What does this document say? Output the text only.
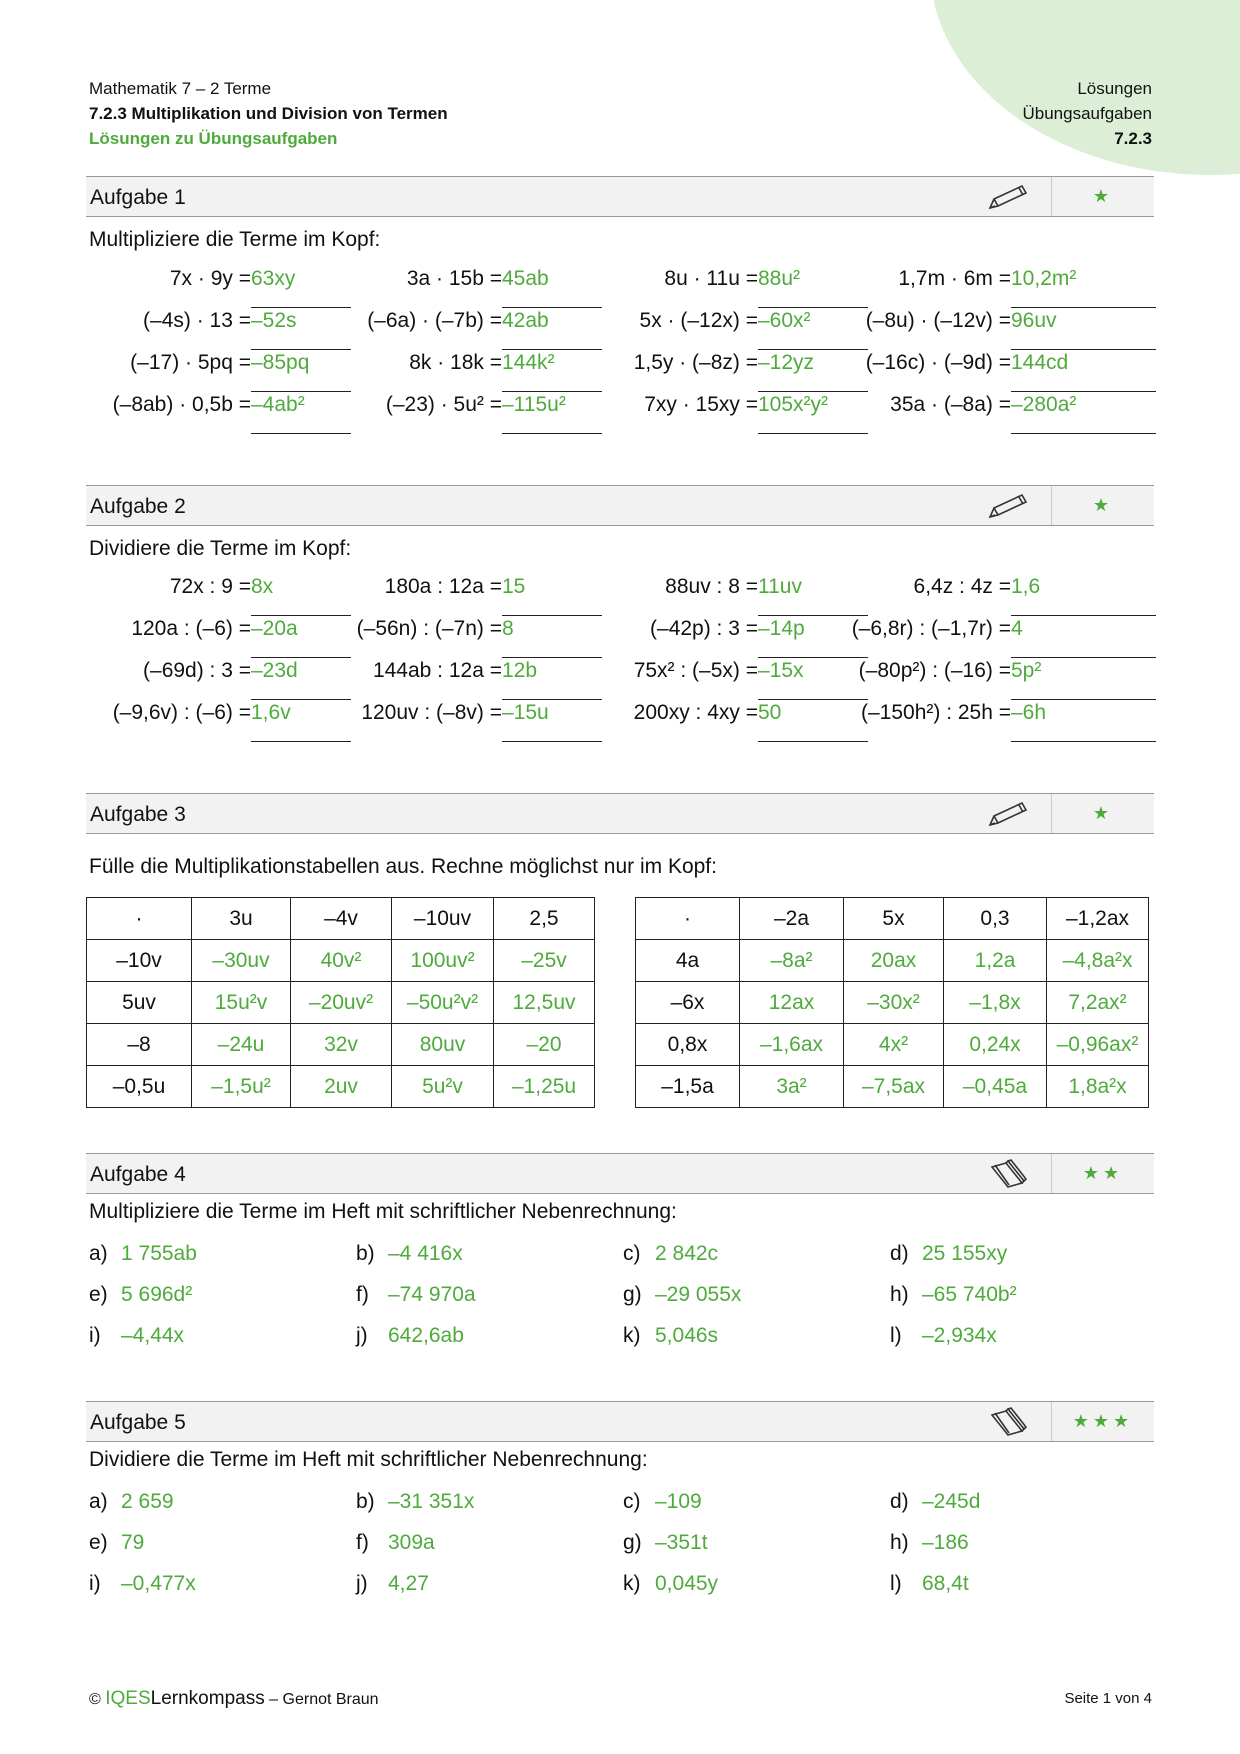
Mathematik 7 – 2 Terme
7.2.3 Multiplikation und Division von Termen
Lösungen zu Übungsaufgaben
Lösungen
Übungsaufgaben
7.2.3
Aufgabe 1	★
Multipliziere die Terme im Kopf:
7x · 9y = 63xy	3a · 15b = 45ab	8u · 11u = 88u²	1,7m · 6m = 10,2m²
(–4s) · 13 = –52s	(–6a) · (–7b) = 42ab	5x · (–12x) = –60x²	(–8u) · (–12v) = 96uv
(–17) · 5pq = –85pq	8k · 18k = 144k²	1,5y · (–8z) = –12yz	(–16c) · (–9d) = 144cd
(–8ab) · 0,5b = –4ab²	(–23) · 5u² = –115u²	7xy · 15xy = 105x²y²	35a · (–8a) = –280a²
Aufgabe 2	★
Dividiere die Terme im Kopf:
72x : 9 = 8x	180a : 12a = 15	88uv : 8 = 11uv	6,4z : 4z = 1,6
120a : (–6) = –20a	(–56n) : (–7n) = 8	(–42p) : 3 = –14p	(–6,8r) : (–1,7r) = 4
(–69d) : 3 = –23d	144ab : 12a = 12b	75x² : (–5x) = –15x	(–80p²) : (–16) = 5p²
(–9,6v) : (–6) = 1,6v	120uv : (–8v) = –15u	200xy : 4xy = 50	(–150h²) : 25h = –6h
Aufgabe 3	★
Fülle die Multiplikationstabellen aus. Rechne möglichst nur im Kopf:
·	3u	–4v	–10uv	2,5
–10v	–30uv	40v²	100uv²	–25v
5uv	15u²v	–20uv²	–50u²v²	12,5uv
–8	–24u	32v	80uv	–20
–0,5u	–1,5u²	2uv	5u²v	–1,25u
·	–2a	5x	0,3	–1,2ax
4a	–8a²	20ax	1,2a	–4,8a²x
–6x	12ax	–30x²	–1,8x	7,2ax²
0,8x	–1,6ax	4x²	0,24x	–0,96ax²
–1,5a	3a²	–7,5ax	–0,45a	1,8a²x
Aufgabe 4	★★
Multipliziere die Terme im Heft mit schriftlicher Nebenrechnung:
a) 1 755ab	b) –4 416x	c) 2 842c	d) 25 155xy
e) 5 696d²	f) –74 970a	g) –29 055x	h) –65 740b²
i) –4,44x	j) 642,6ab	k) 5,046s	l) –2,934x
Aufgabe 5	★★★
Dividiere die Terme im Heft mit schriftlicher Nebenrechnung:
a) 2 659	b) –31 351x	c) –109	d) –245d
e) 79	f) 309a	g) –351t	h) –186
i) –0,477x	j) 4,27	k) 0,045y	l) 68,4t
© IQESLernkompass – Gernot Braun	Seite 1 von 4
